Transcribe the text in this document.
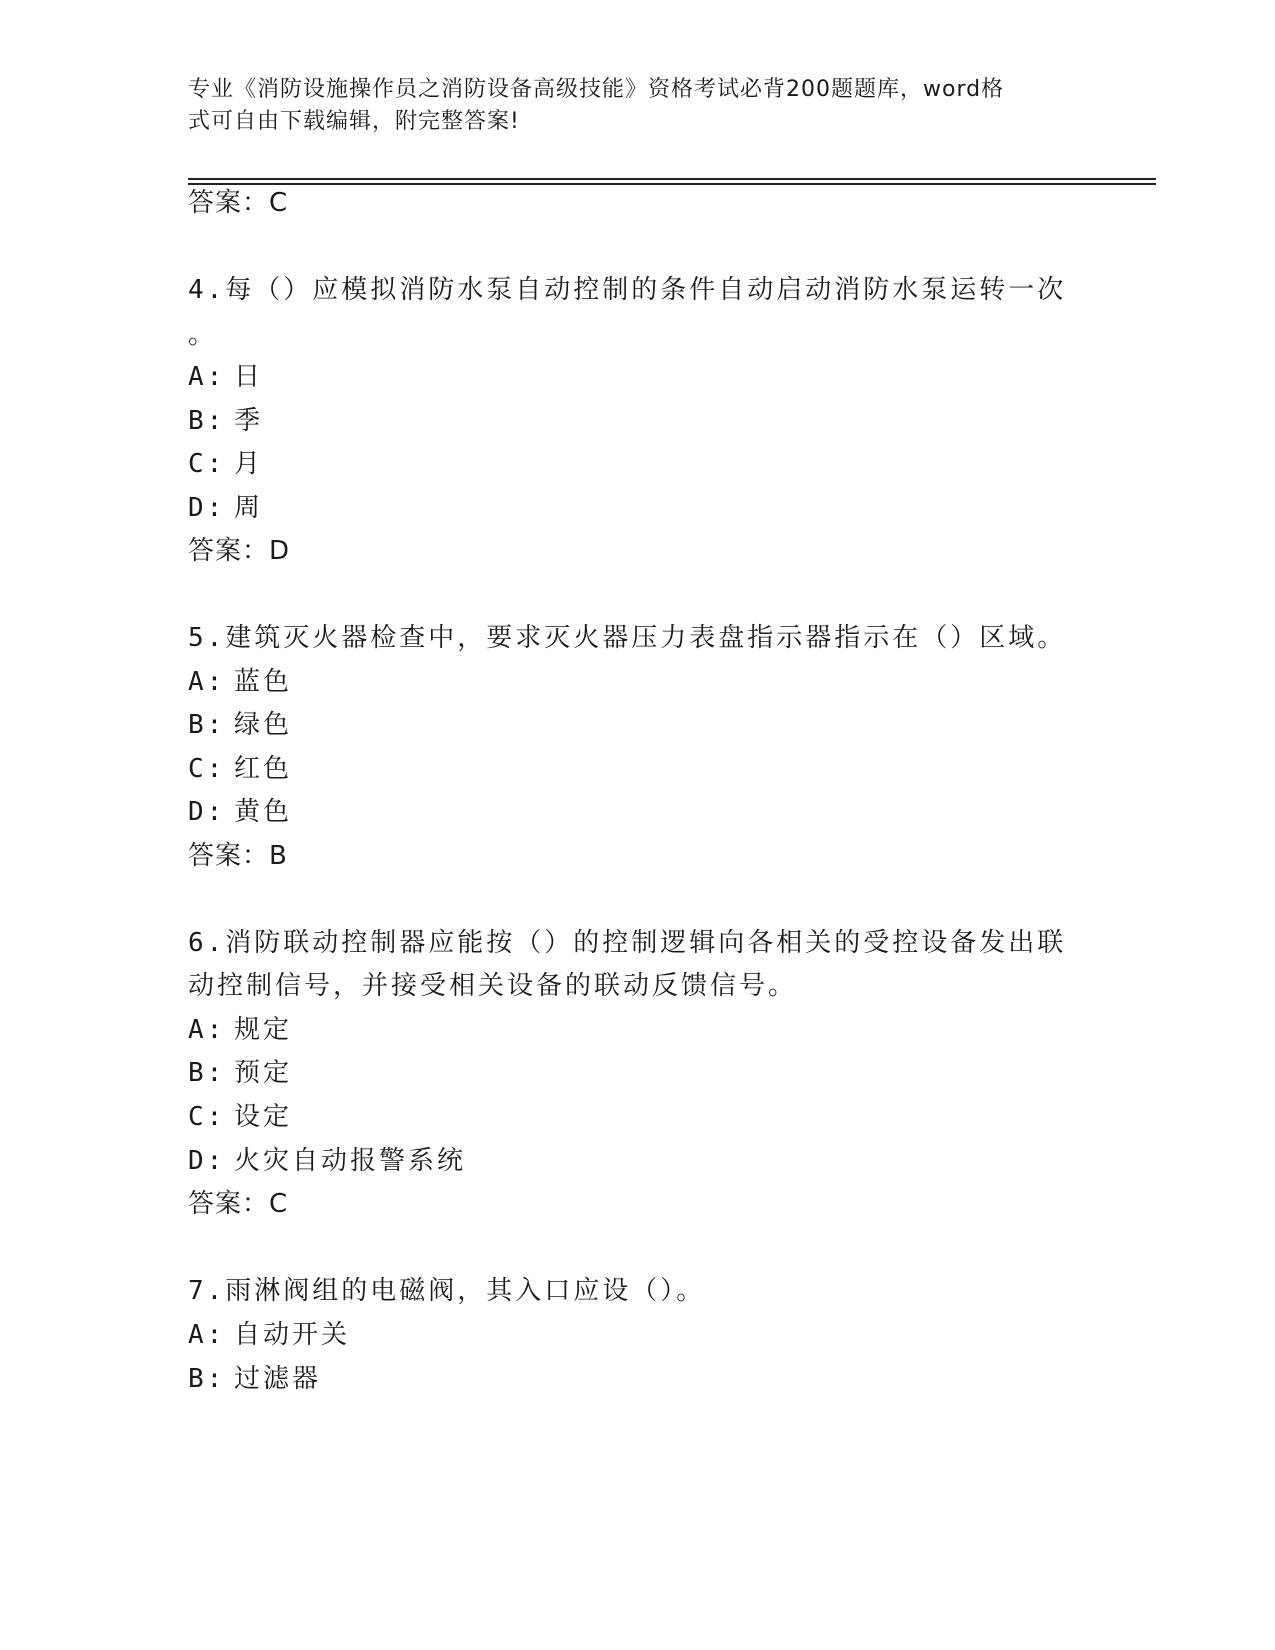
专业《消防设施操作员之消防设备高级技能》资格考试必背200题题库，word格
式可自由下载编辑，附完整答案!
答案：C
4.每（）应模拟消防水泵自动控制的条件自动启动消防水泵运转一次
。
A: 日
B: 季
C: 月
D: 周
答案：D
5.建筑灭火器检查中，要求灭火器压力表盘指示器指示在（）区域。
A: 蓝色
B: 绿色
C: 红色
D: 黄色
答案：B
6.消防联动控制器应能按（）的控制逻辑向各相关的受控设备发出联
动控制信号，并接受相关设备的联动反馈信号。
A: 规定
B: 预定
C: 设定
D: 火灾自动报警系统
答案：C
7.雨淋阀组的电磁阀，其入口应设（）。
A: 自动开关
B: 过滤器
